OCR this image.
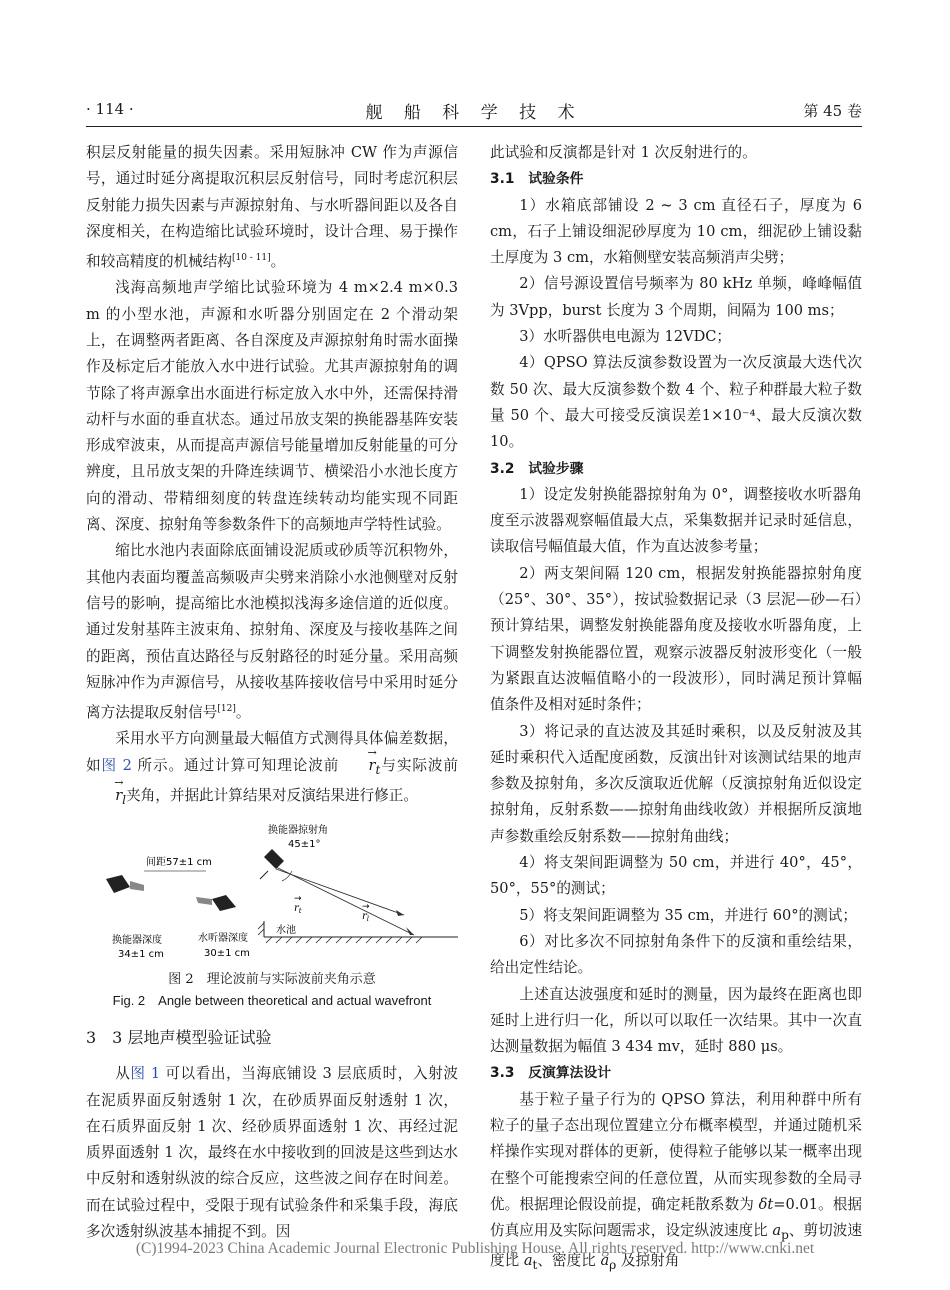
· 114 ·	舰 船 科 学 技 术	第 45 卷

积层反射能量的损失因素。采用短脉冲 CW 作为声源信号，通过时延分离提取沉积层反射信号，同时考虑沉积层反射能力损失因素与声源掠射角、与水听器间距以及各自深度相关，在构造缩比试验环境时，设计合理、易于操作和较高精度的机械结构[10 - 11]。

浅海高频地声学缩比试验环境为 4 m×2.4 m×0.3 m 的小型水池，声源和水听器分别固定在 2 个滑动架上，在调整两者距离、各自深度及声源掠射角时需水面操作及标定后才能放入水中进行试验。尤其声源掠射角的调节除了将声源拿出水面进行标定放入水中外，还需保持滑动杆与水面的垂直状态。通过吊放支架的换能器基阵安装形成窄波束，从而提高声源信号能量增加反射能量的可分辨度，且吊放支架的升降连续调节、横梁沿小水池长度方向的滑动、带精细刻度的转盘连续转动均能实现不同距离、深度、掠射角等参数条件下的高频地声学特性试验。

缩比水池内表面除底面铺设泥质或砂质等沉积物外，其他内表面均覆盖高频吸声尖劈来消除小水池侧壁对反射信号的影响，提高缩比水池模拟浅海多途信道的近似度。通过发射基阵主波束角、掠射角、深度及与接收基阵之间的距离，预估直达路径与反射路径的时延分量。采用高频短脉冲作为声源信号，从接收基阵接收信号中采用时延分离方法提取反射信号[12]。

采用水平方向测量最大幅值方式测得具体偏差数据，如图 2 所示。通过计算可知理论波前→ $r_t$与实际波前→ $r_l$夹角，并据此计算结果对反演结果进行修正。

间距57±1 cm
换能器深度
34±1 cm
水听器深度
30±1 cm
换能器掠射角
45±1°
$r_t$
→
$r_l$
→
水池
图 2　理论波前与实际波前夹角示意
Fig. 2　Angle between theoretical and actual wavefront

3　3 层地声模型验证试验

从图 1 可以看出，当海底铺设 3 层底质时，入射波在泥质界面反射透射 1 次，在砂质界面反射透射 1 次，在石质界面反射 1 次、经砂质界面透射 1 次、再经过泥质界面透射 1 次，最终在水中接收到的回波是这些到达水中反射和透射纵波的综合反应，这些波之间存在时间差。而在试验过程中，受限于现有试验条件和采集手段，海底多次透射纵波基本捕捉不到。因

此试验和反演都是针对 1 次反射进行的。

3.1　试验条件

1）水箱底部铺设 2 ~ 3 cm 直径石子，厚度为 6 cm，石子上铺设细泥砂厚度为 10 cm，细泥砂上铺设黏土厚度为 3 cm，水箱侧壁安装高频消声尖劈；

2）信号源设置信号频率为 80 kHz 单频，峰峰幅值为 3Vpp，burst 长度为 3 个周期，间隔为 100 ms；

3）水听器供电电源为 12VDC；

4）QPSO 算法反演参数设置为一次反演最大迭代次数 50 次、最大反演参数个数 4 个、粒子种群最大粒子数量 50 个、最大可接受反演误差1×10⁻⁴、最大反演次数 10。

3.2　试验步骤

1）设定发射换能器掠射角为 0°，调整接收水听器角度至示波器观察幅值最大点，采集数据并记录时延信息，读取信号幅值最大值，作为直达波参考量；

2）两支架间隔 120 cm，根据发射换能器掠射角度（25°、30°、35°），按试验数据记录（3 层泥—砂—石）预计算结果，调整发射换能器角度及接收水听器角度，上下调整发射换能器位置，观察示波器反射波形变化（一般为紧跟直达波幅值略小的一段波形），同时满足预计算幅值条件及相对延时条件；

3）将记录的直达波及其延时乘积，以及反射波及其延时乘积代入适配度函数，反演出针对该测试结果的地声参数及掠射角，多次反演取近优解（反演掠射角近似设定掠射角，反射系数——掠射角曲线收敛）并根据所反演地声参数重绘反射系数——掠射角曲线；

4）将支架间距调整为 50 cm，并进行 40°，45°，50°，55°的测试；

5）将支架间距调整为 35 cm，并进行 60°的测试；

6）对比多次不同掠射角条件下的反演和重绘结果，给出定性结论。

上述直达波强度和延时的测量，因为最终在距离也即延时上进行归一化，所以可以取任一次结果。其中一次直达测量数据为幅值 3 434 mv，延时 880 μs。

3.3　反演算法设计

基于粒子量子行为的 QPSO 算法，利用种群中所有粒子的量子态出现位置建立分布概率模型，并通过随机采样操作实现对群体的更新，使得粒子能够以某一概率出现在整个可能搜索空间的任意位置，从而实现参数的全局寻优。根据理论假设前提，确定耗散系数为 δt=0.01。根据仿真应用及实际问题需求，设定纵波速度比 $a_p$、剪切波速度比 $a_t$、密度比 $a_\rho$ 及掠射角

(C)1994-2023 China Academic Journal Electronic Publishing House. All rights reserved. http://www.cnki.net
